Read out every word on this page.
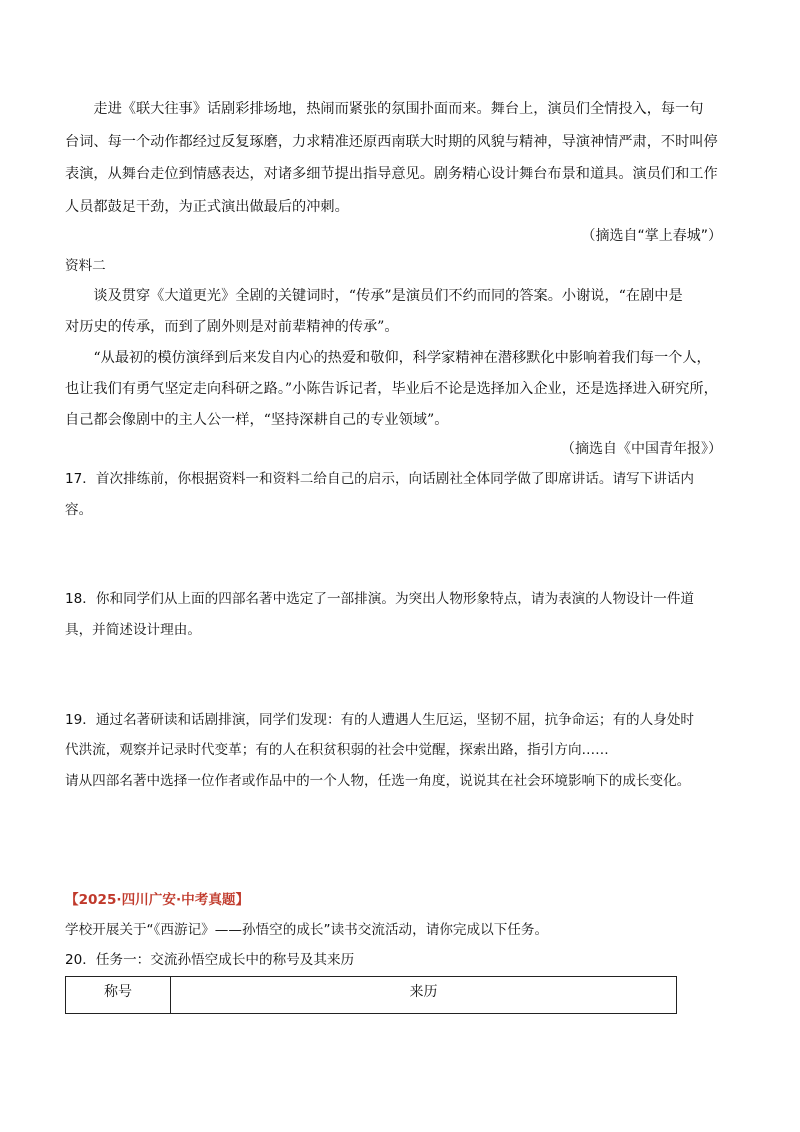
　　走进《联大往事》话剧彩排场地，热闹而紧张的氛围扑面而来。舞台上，演员们全情投入，每一句
台词、每一个动作都经过反复琢磨，力求精准还原西南联大时期的风貌与精神，导演神情严肃，不时叫停
表演，从舞台走位到情感表达，对诸多细节提出指导意见。剧务精心设计舞台布景和道具。演员们和工作
人员都鼓足干劲，为正式演出做最后的冲刺。
（摘选自“掌上春城”）
资料二
　　谈及贯穿《大道更光》全剧的关键词时，“传承”是演员们不约而同的答案。小谢说，“在剧中是
对历史的传承，而到了剧外则是对前辈精神的传承”。
　　“从最初的模仿演绎到后来发自内心的热爱和敬仰，科学家精神在潜移默化中影响着我们每一个人，
也让我们有勇气坚定走向科研之路。”小陈告诉记者，毕业后不论是选择加入企业，还是选择进入研究所，
自己都会像剧中的主人公一样，“坚持深耕自己的专业领域”。
（摘选自《中国青年报》）
17．首次排练前，你根据资料一和资料二给自己的启示，向话剧社全体同学做了即席讲话。请写下讲话内
容。
18．你和同学们从上面的四部名著中选定了一部排演。为突出人物形象特点，请为表演的人物设计一件道
具，并简述设计理由。
19．通过名著研读和话剧排演，同学们发现：有的人遭遇人生厄运，坚韧不屈，抗争命运；有的人身处时
代洪流，观察并记录时代变革；有的人在积贫积弱的社会中觉醒，探索出路，指引方向……
请从四部名著中选择一位作者或作品中的一个人物，任选一角度，说说其在社会环境影响下的成长变化。
【2025·四川广安·中考真题】
学校开展关于“《西游记》——孙悟空的成长”读书交流活动，请你完成以下任务。
20．任务一：交流孙悟空成长中的称号及其来历
称号	来历
